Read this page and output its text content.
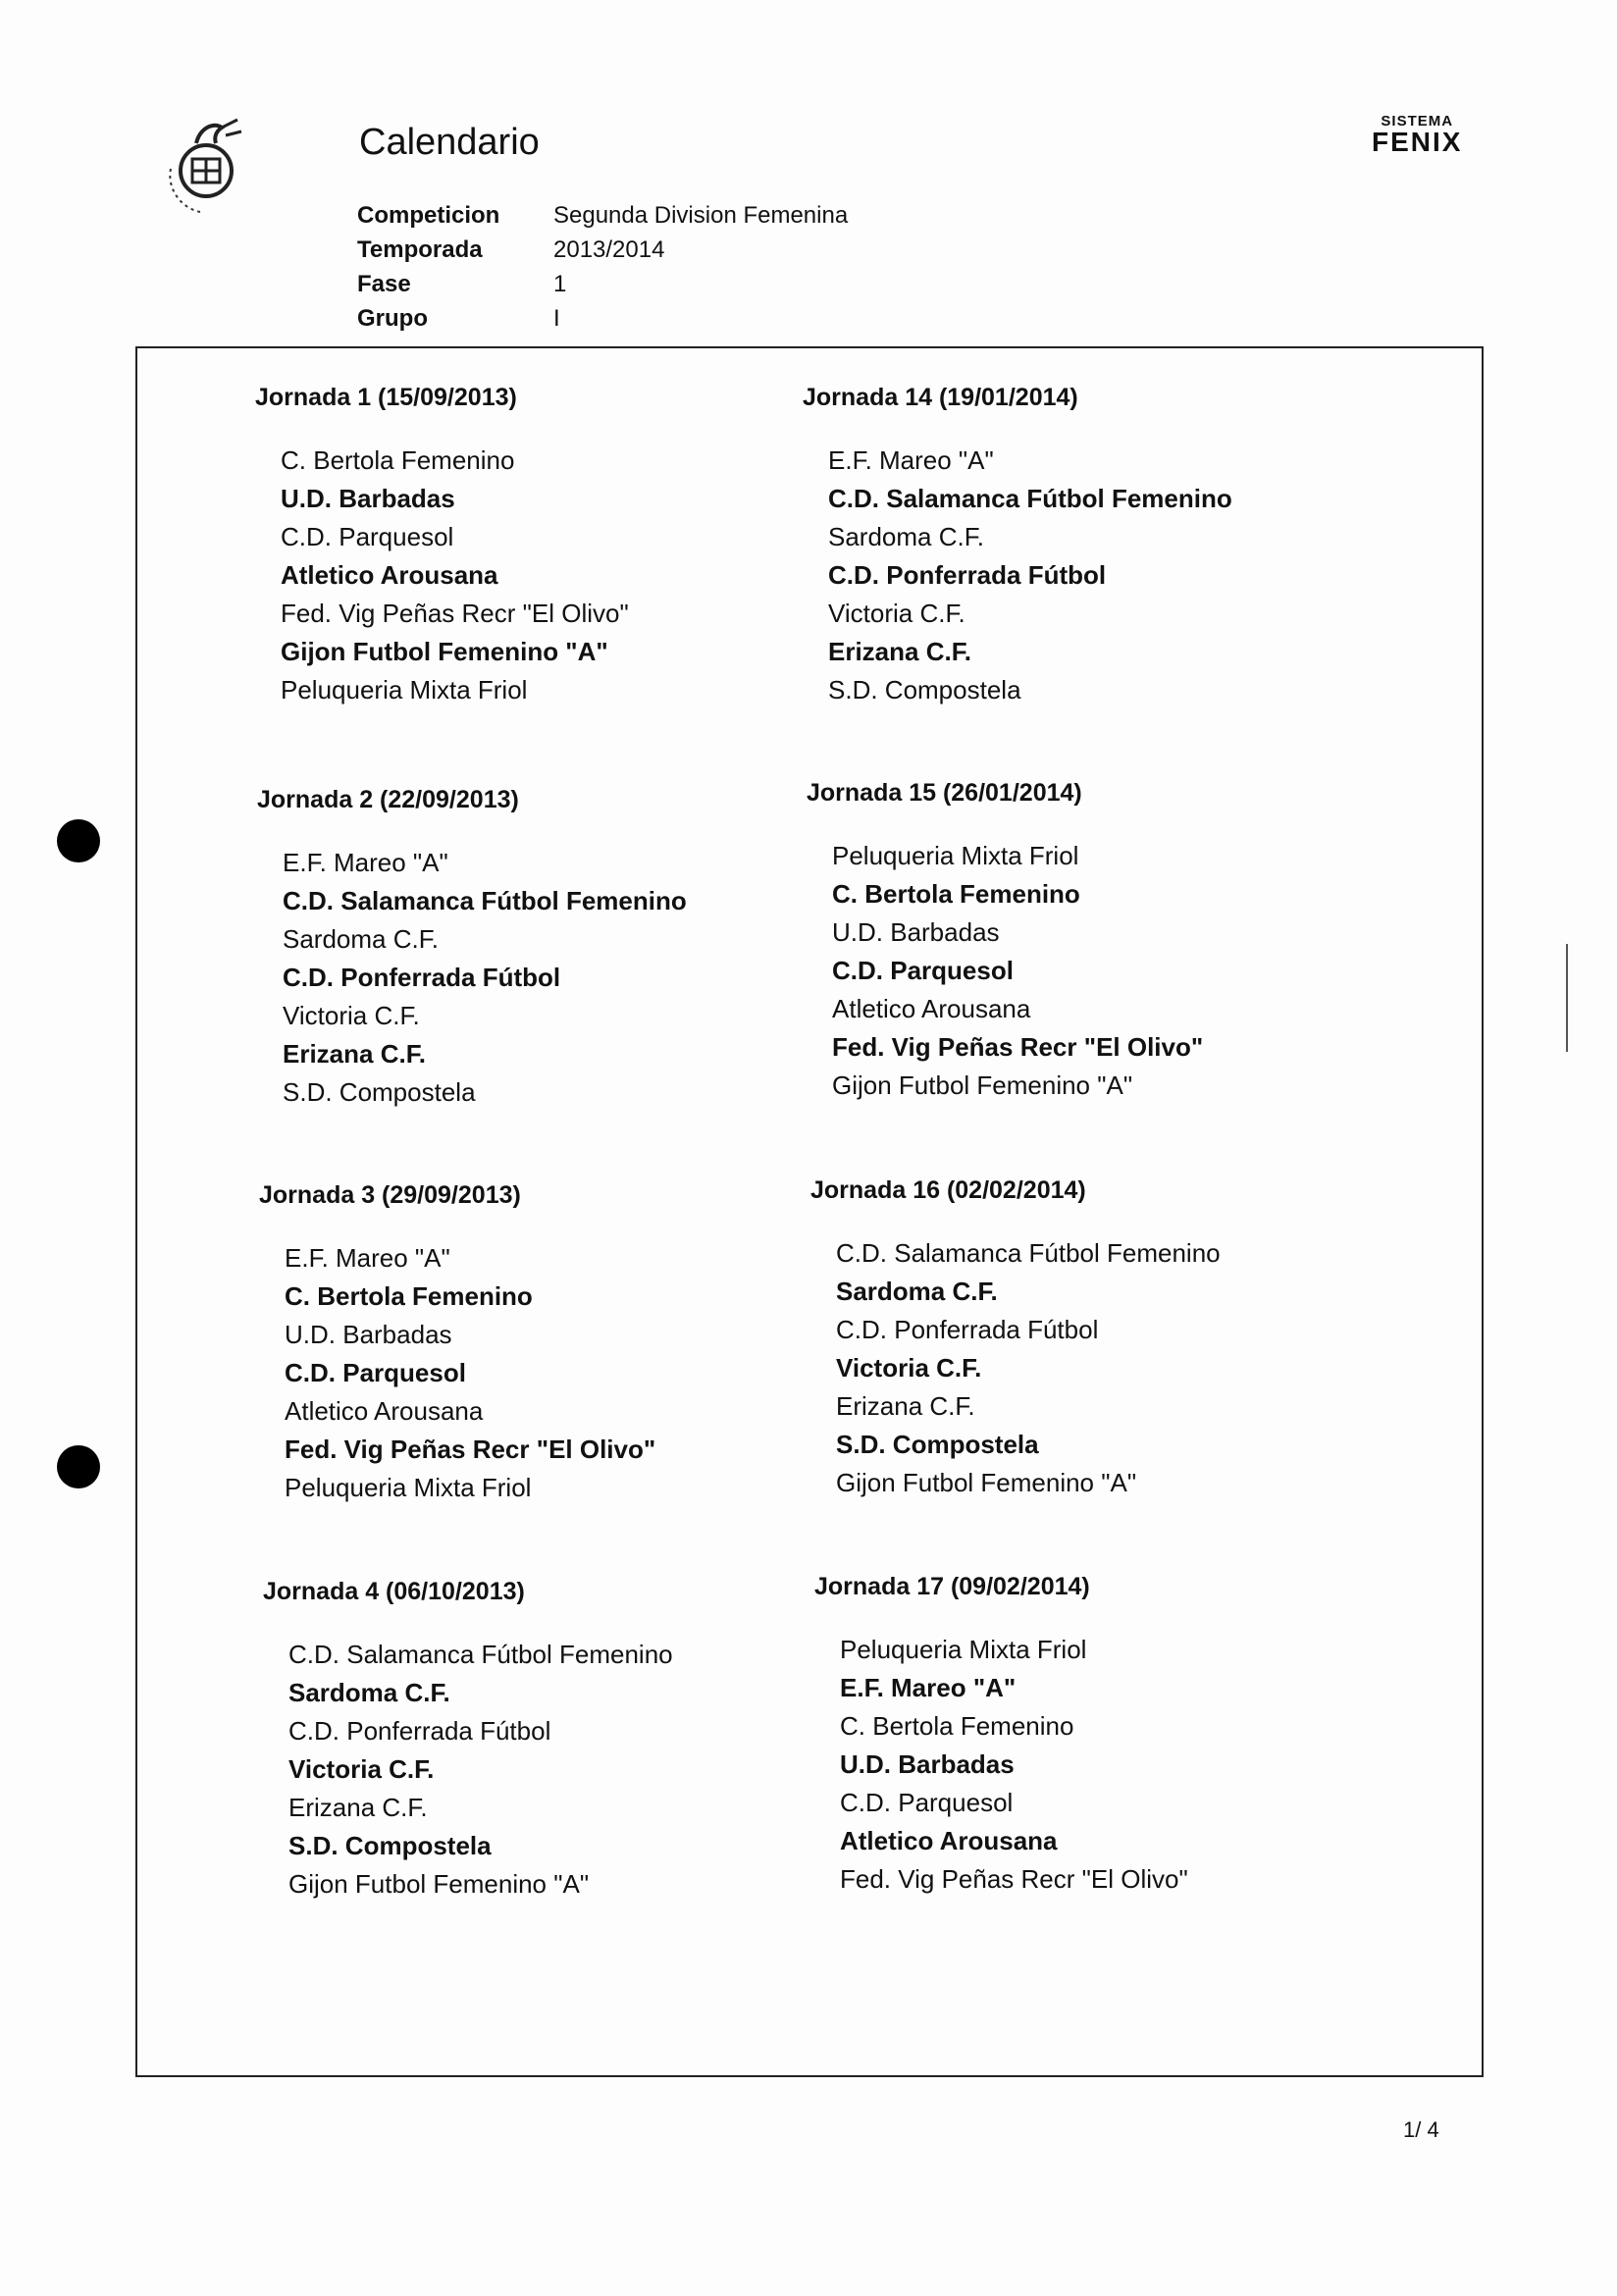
Calendario
SISTEMA
FENIX
Competicion	Segunda Division Femenina
Temporada	2013/2014
Fase	1
Grupo	I
Jornada 1 (15/09/2013)
C. Bertola Femenino
U.D. Barbadas
C.D. Parquesol
Atletico Arousana
Fed. Vig Peñas Recr "El Olivo"
Gijon Futbol Femenino "A"
Peluqueria Mixta Friol
Jornada 14 (19/01/2014)
E.F. Mareo "A"
C.D. Salamanca Fútbol Femenino
Sardoma C.F.
C.D. Ponferrada Fútbol
Victoria C.F.
Erizana C.F.
S.D. Compostela
Jornada 2 (22/09/2013)
E.F. Mareo "A"
C.D. Salamanca Fútbol Femenino
Sardoma C.F.
C.D. Ponferrada Fútbol
Victoria C.F.
Erizana C.F.
S.D. Compostela
Jornada 15 (26/01/2014)
Peluqueria Mixta Friol
C. Bertola Femenino
U.D. Barbadas
C.D. Parquesol
Atletico Arousana
Fed. Vig Peñas Recr "El Olivo"
Gijon Futbol Femenino "A"
Jornada 3 (29/09/2013)
E.F. Mareo "A"
C. Bertola Femenino
U.D. Barbadas
C.D. Parquesol
Atletico Arousana
Fed. Vig Peñas Recr "El Olivo"
Peluqueria Mixta Friol
Jornada 16 (02/02/2014)
C.D. Salamanca Fútbol Femenino
Sardoma C.F.
C.D. Ponferrada Fútbol
Victoria C.F.
Erizana C.F.
S.D. Compostela
Gijon Futbol Femenino "A"
Jornada 4 (06/10/2013)
C.D. Salamanca Fútbol Femenino
Sardoma C.F.
C.D. Ponferrada Fútbol
Victoria C.F.
Erizana C.F.
S.D. Compostela
Gijon Futbol Femenino "A"
Jornada 17 (09/02/2014)
Peluqueria Mixta Friol
E.F. Mareo "A"
C. Bertola Femenino
U.D. Barbadas
C.D. Parquesol
Atletico Arousana
Fed. Vig Peñas Recr "El Olivo"
1/ 4
